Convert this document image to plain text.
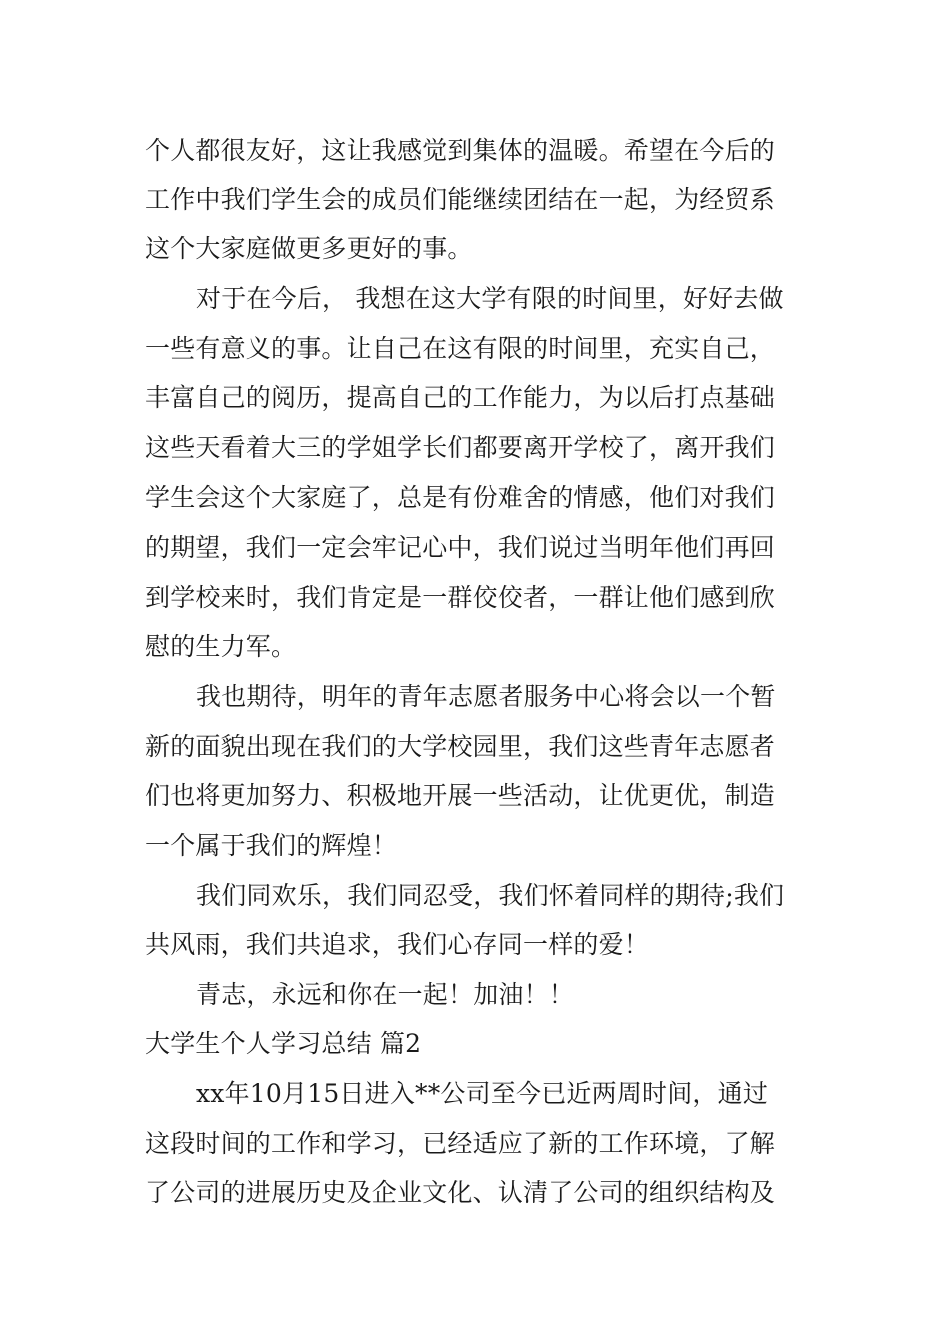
个人都很友好，这让我感觉到集体的温暖。希望在今后的
工作中我们学生会的成员们能继续团结在一起，为经贸系
这个大家庭做更多更好的事。
对于在今后， 我想在这大学有限的时间里，好好去做
一些有意义的事。让自己在这有限的时间里，充实自己，
丰富自己的阅历，提高自己的工作能力，为以后打点基础
这些天看着大三的学姐学长们都要离开学校了，离开我们
学生会这个大家庭了，总是有份难舍的情感，他们对我们
的期望，我们一定会牢记心中，我们说过当明年他们再回
到学校来时，我们肯定是一群佼佼者，一群让他们感到欣
慰的生力军。
我也期待，明年的青年志愿者服务中心将会以一个暂
新的面貌出现在我们的大学校园里，我们这些青年志愿者
们也将更加努力、积极地开展一些活动，让优更优，制造
一个属于我们的辉煌！
我们同欢乐，我们同忍受，我们怀着同样的期待;我们
共风雨，我们共追求，我们心存同一样的爱！
青志，永远和你在一起！加油！！
大学生个人学习总结 篇2
xx年10月15日进入**公司至今已近两周时间，通过
这段时间的工作和学习，已经适应了新的工作环境，了解
了公司的进展历史及企业文化、认清了公司的组织结构及
